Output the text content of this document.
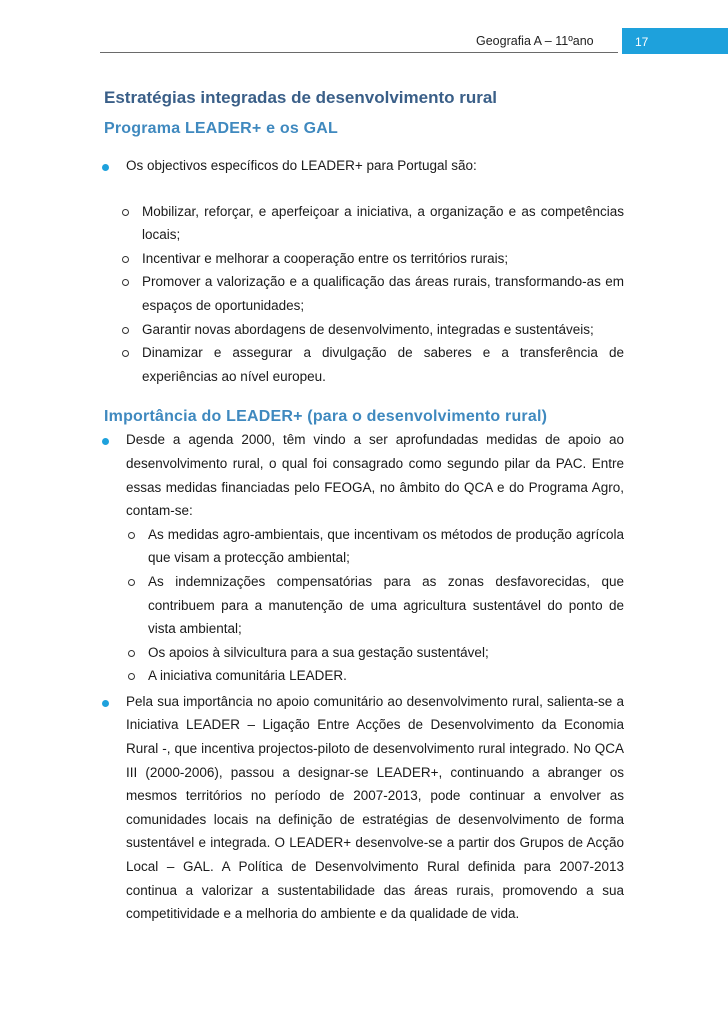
Geografia A – 11ºano	17
Estratégias integradas de desenvolvimento rural
Programa LEADER+ e os GAL
Os objectivos específicos do LEADER+ para Portugal são:
Mobilizar, reforçar, e aperfeiçoar a iniciativa, a organização e as competências locais;
Incentivar e melhorar a cooperação entre os territórios rurais;
Promover a valorização e a qualificação das áreas rurais, transformando-as em espaços de oportunidades;
Garantir novas abordagens de desenvolvimento, integradas e sustentáveis;
Dinamizar e assegurar a divulgação de saberes e a transferência de experiências ao nível europeu.
Importância do LEADER+ (para o desenvolvimento rural)
Desde a agenda 2000, têm vindo a ser aprofundadas medidas de apoio ao desenvolvimento rural, o qual foi consagrado como segundo pilar da PAC. Entre essas medidas financiadas pelo FEOGA, no âmbito do QCA e do Programa Agro, contam-se:
As medidas agro-ambientais, que incentivam os métodos de produção agrícola que visam a protecção ambiental;
As indemnizações compensatórias para as zonas desfavorecidas, que contribuem para a manutenção de uma agricultura sustentável do ponto de vista ambiental;
Os apoios à silvicultura para a sua gestação sustentável;
A iniciativa comunitária LEADER.
Pela sua importância no apoio comunitário ao desenvolvimento rural, salienta-se a Iniciativa LEADER – Ligação Entre Acções de Desenvolvimento da Economia Rural -, que incentiva projectos-piloto de desenvolvimento rural integrado. No QCA III (2000-2006), passou a designar-se LEADER+, continuando a abranger os mesmos territórios no período de 2007-2013, pode continuar a envolver as comunidades locais na definição de estratégias de desenvolvimento de forma sustentável e integrada. O LEADER+ desenvolve-se a partir dos Grupos de Acção Local – GAL. A Política de Desenvolvimento Rural definida para 2007-2013 continua a valorizar a sustentabilidade das áreas rurais, promovendo a sua competitividade e a melhoria do ambiente e da qualidade de vida.
